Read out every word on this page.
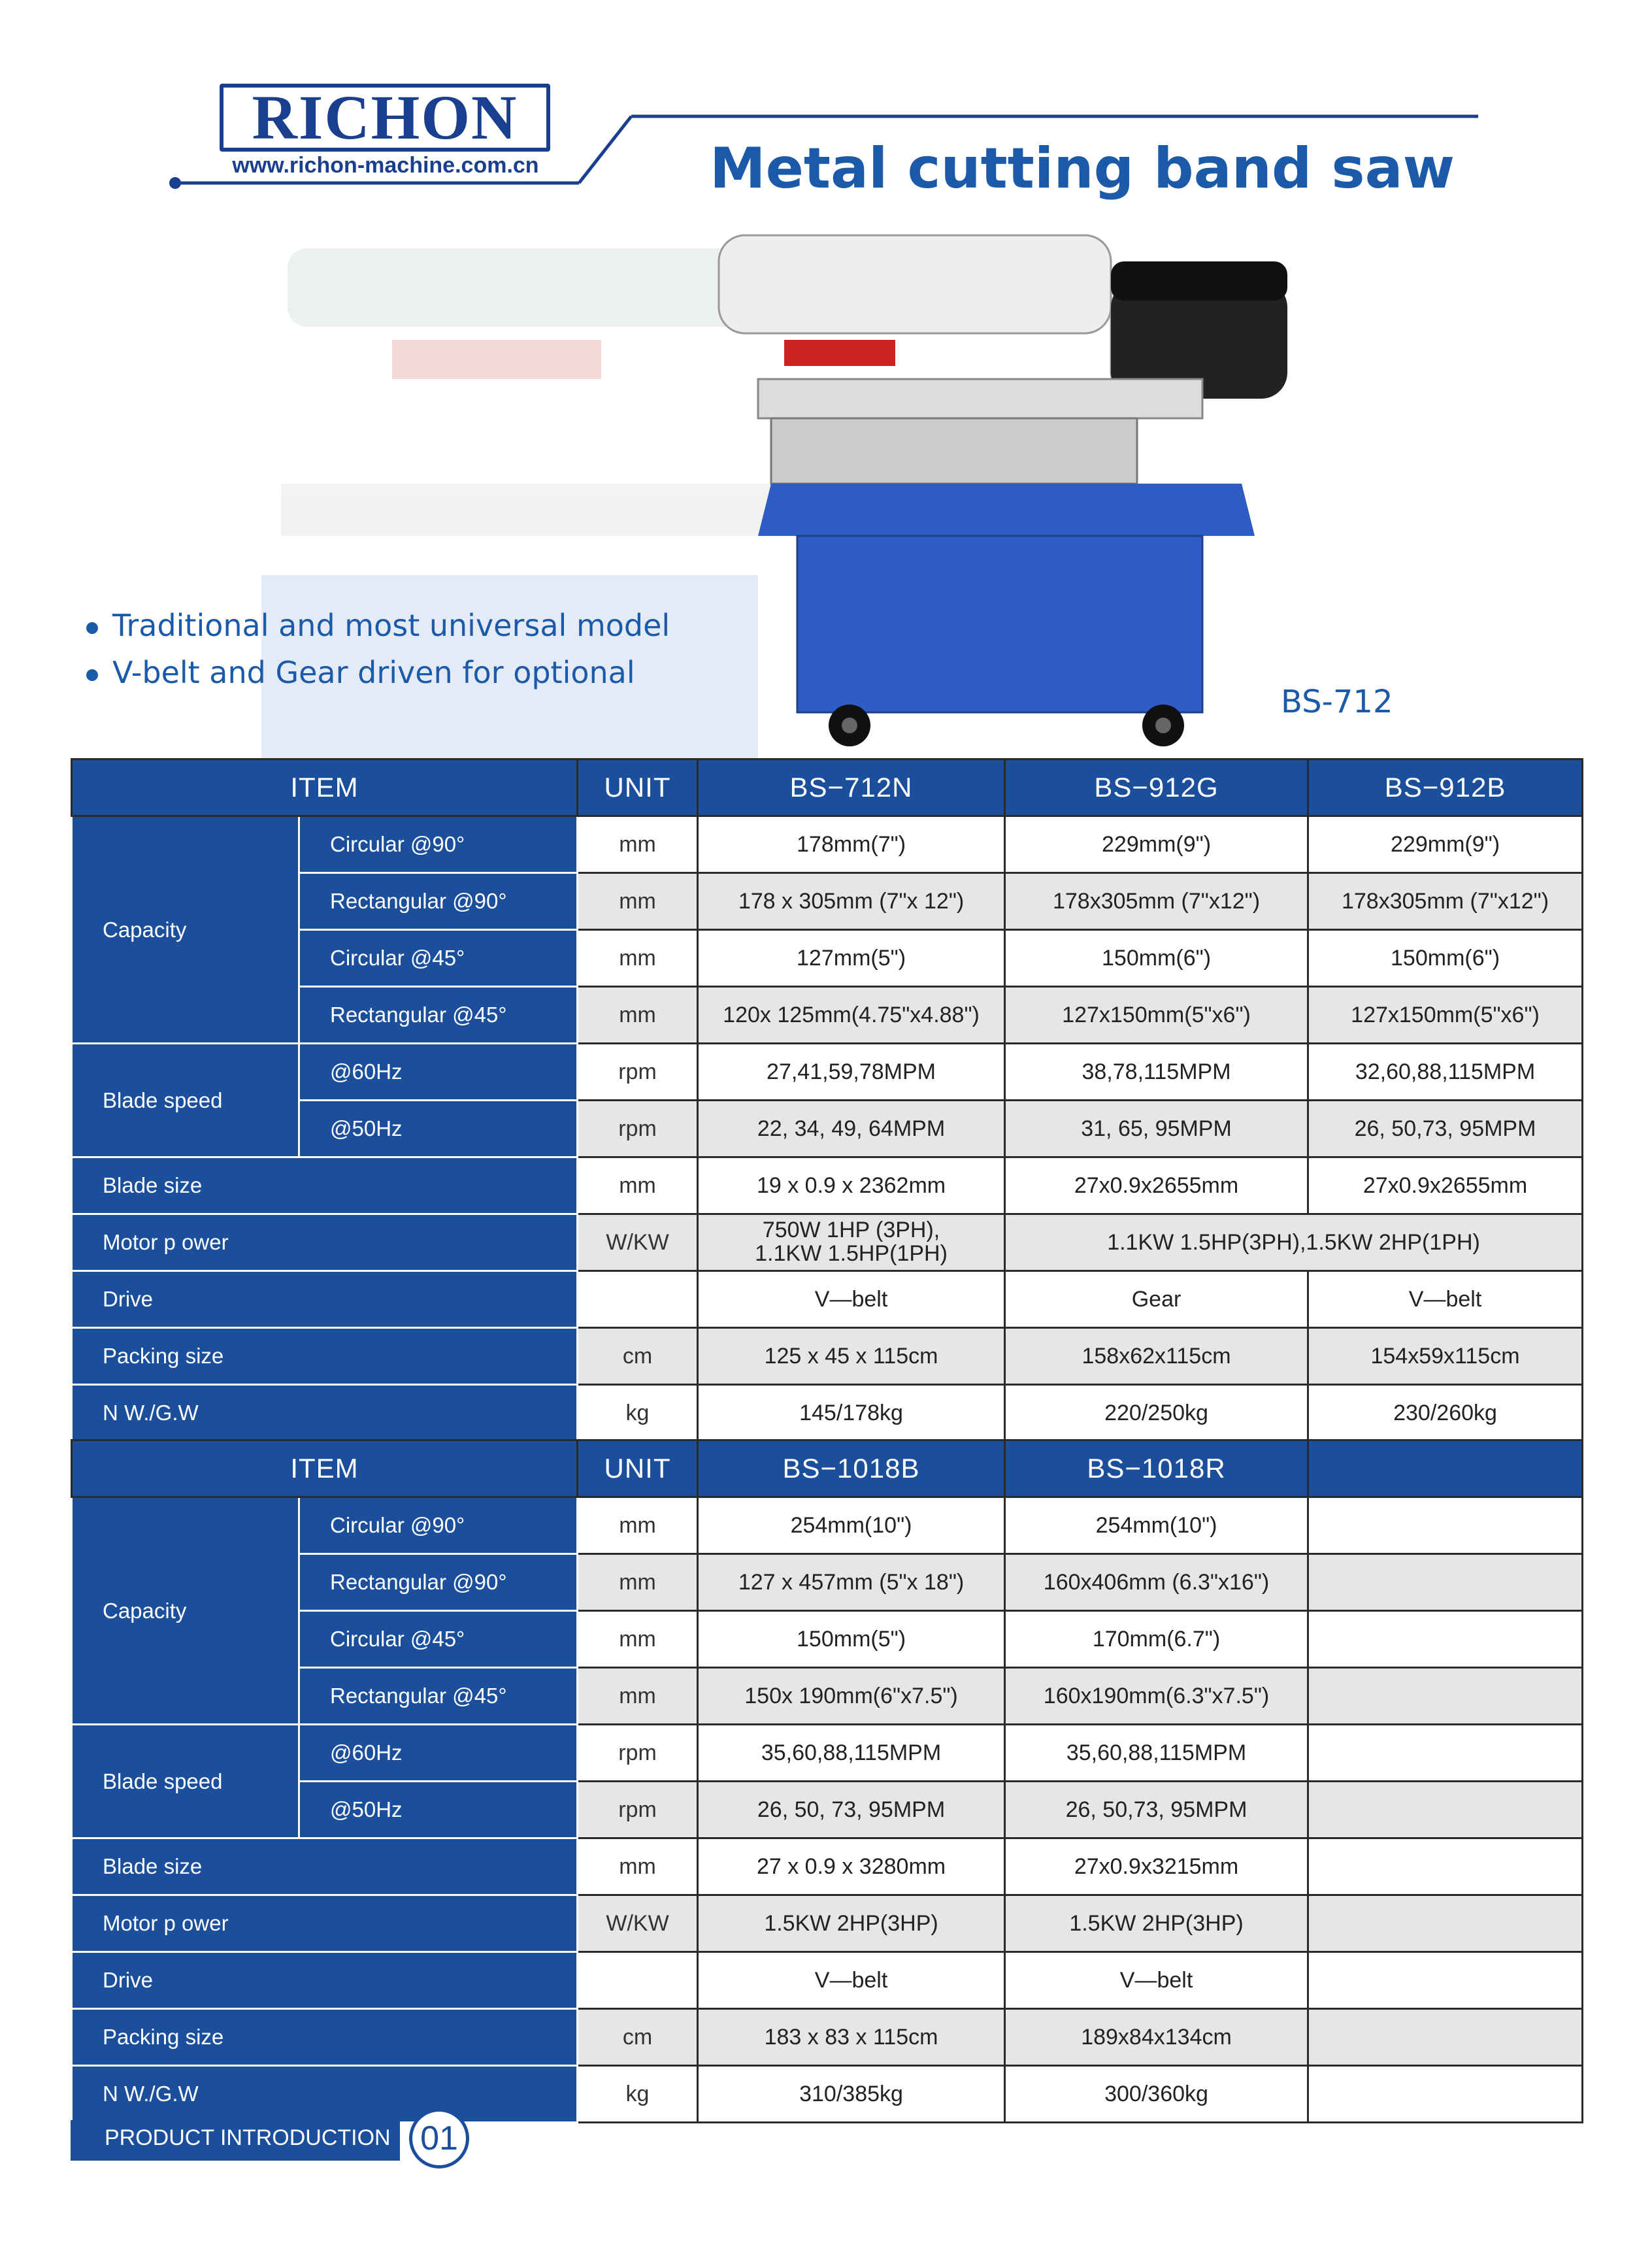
RICHON
www.richon-machine.com.cn	Metal cutting band saw
Traditional and most universal model
V-belt and Gear driven for optional
BS-712
ITEM		UNIT	BS−712N	BS−912G	BS−912B
Capacity	Circular @90°	mm	178mm(7")	229mm(9")	229mm(9")
	Rectangular @90°	mm	178 x 305mm (7"x 12")	178x305mm (7"x12")	178x305mm (7"x12")
	Circular @45°	mm	127mm(5")	150mm(6")	150mm(6")
	Rectangular @45°	mm	120x 125mm(4.75"x4.88")	127x150mm(5"x6")	127x150mm(5"x6")
Blade speed	@60Hz	rpm	27,41,59,78MPM	38,78,115MPM	32,60,88,115MPM
	@50Hz	rpm	22, 34, 49, 64MPM	31, 65, 95MPM	26, 50,73, 95MPM
Blade size		mm	19 x 0.9 x 2362mm	27x0.9x2655mm	27x0.9x2655mm
Motor p ower		W/KW	750W 1HP (3PH),
1.1KW 1.5HP(1PH)	1.1KW 1.5HP(3PH),1.5KW 2HP(1PH)	
Drive			V—belt	Gear	V—belt
Packing size		cm	125 x 45 x 115cm	158x62x115cm	154x59x115cm
N W./G.W		kg	145/178kg	220/250kg	230/260kg
ITEM		UNIT	BS−1018B	BS−1018R	
Capacity	Circular @90°	mm	254mm(10")	254mm(10")	
	Rectangular @90°	mm	127 x 457mm (5"x 18")	160x406mm (6.3"x16")	
	Circular @45°	mm	150mm(5")	170mm(6.7")	
	Rectangular @45°	mm	150x 190mm(6"x7.5")	160x190mm(6.3"x7.5")	
Blade speed	@60Hz	rpm	35,60,88,115MPM	35,60,88,115MPM	
	@50Hz	rpm	26, 50, 73, 95MPM	26, 50,73, 95MPM	
Blade size		mm	27 x 0.9 x 3280mm	27x0.9x3215mm	
Motor p ower		W/KW	1.5KW 2HP(3HP)	1.5KW 2HP(3HP)	
Drive			V—belt	V—belt	
Packing size		cm	183 x 83 x 115cm	189x84x134cm	
N W./G.W		kg	310/385kg	300/360kg	
PRODUCT INTRODUCTION 01
